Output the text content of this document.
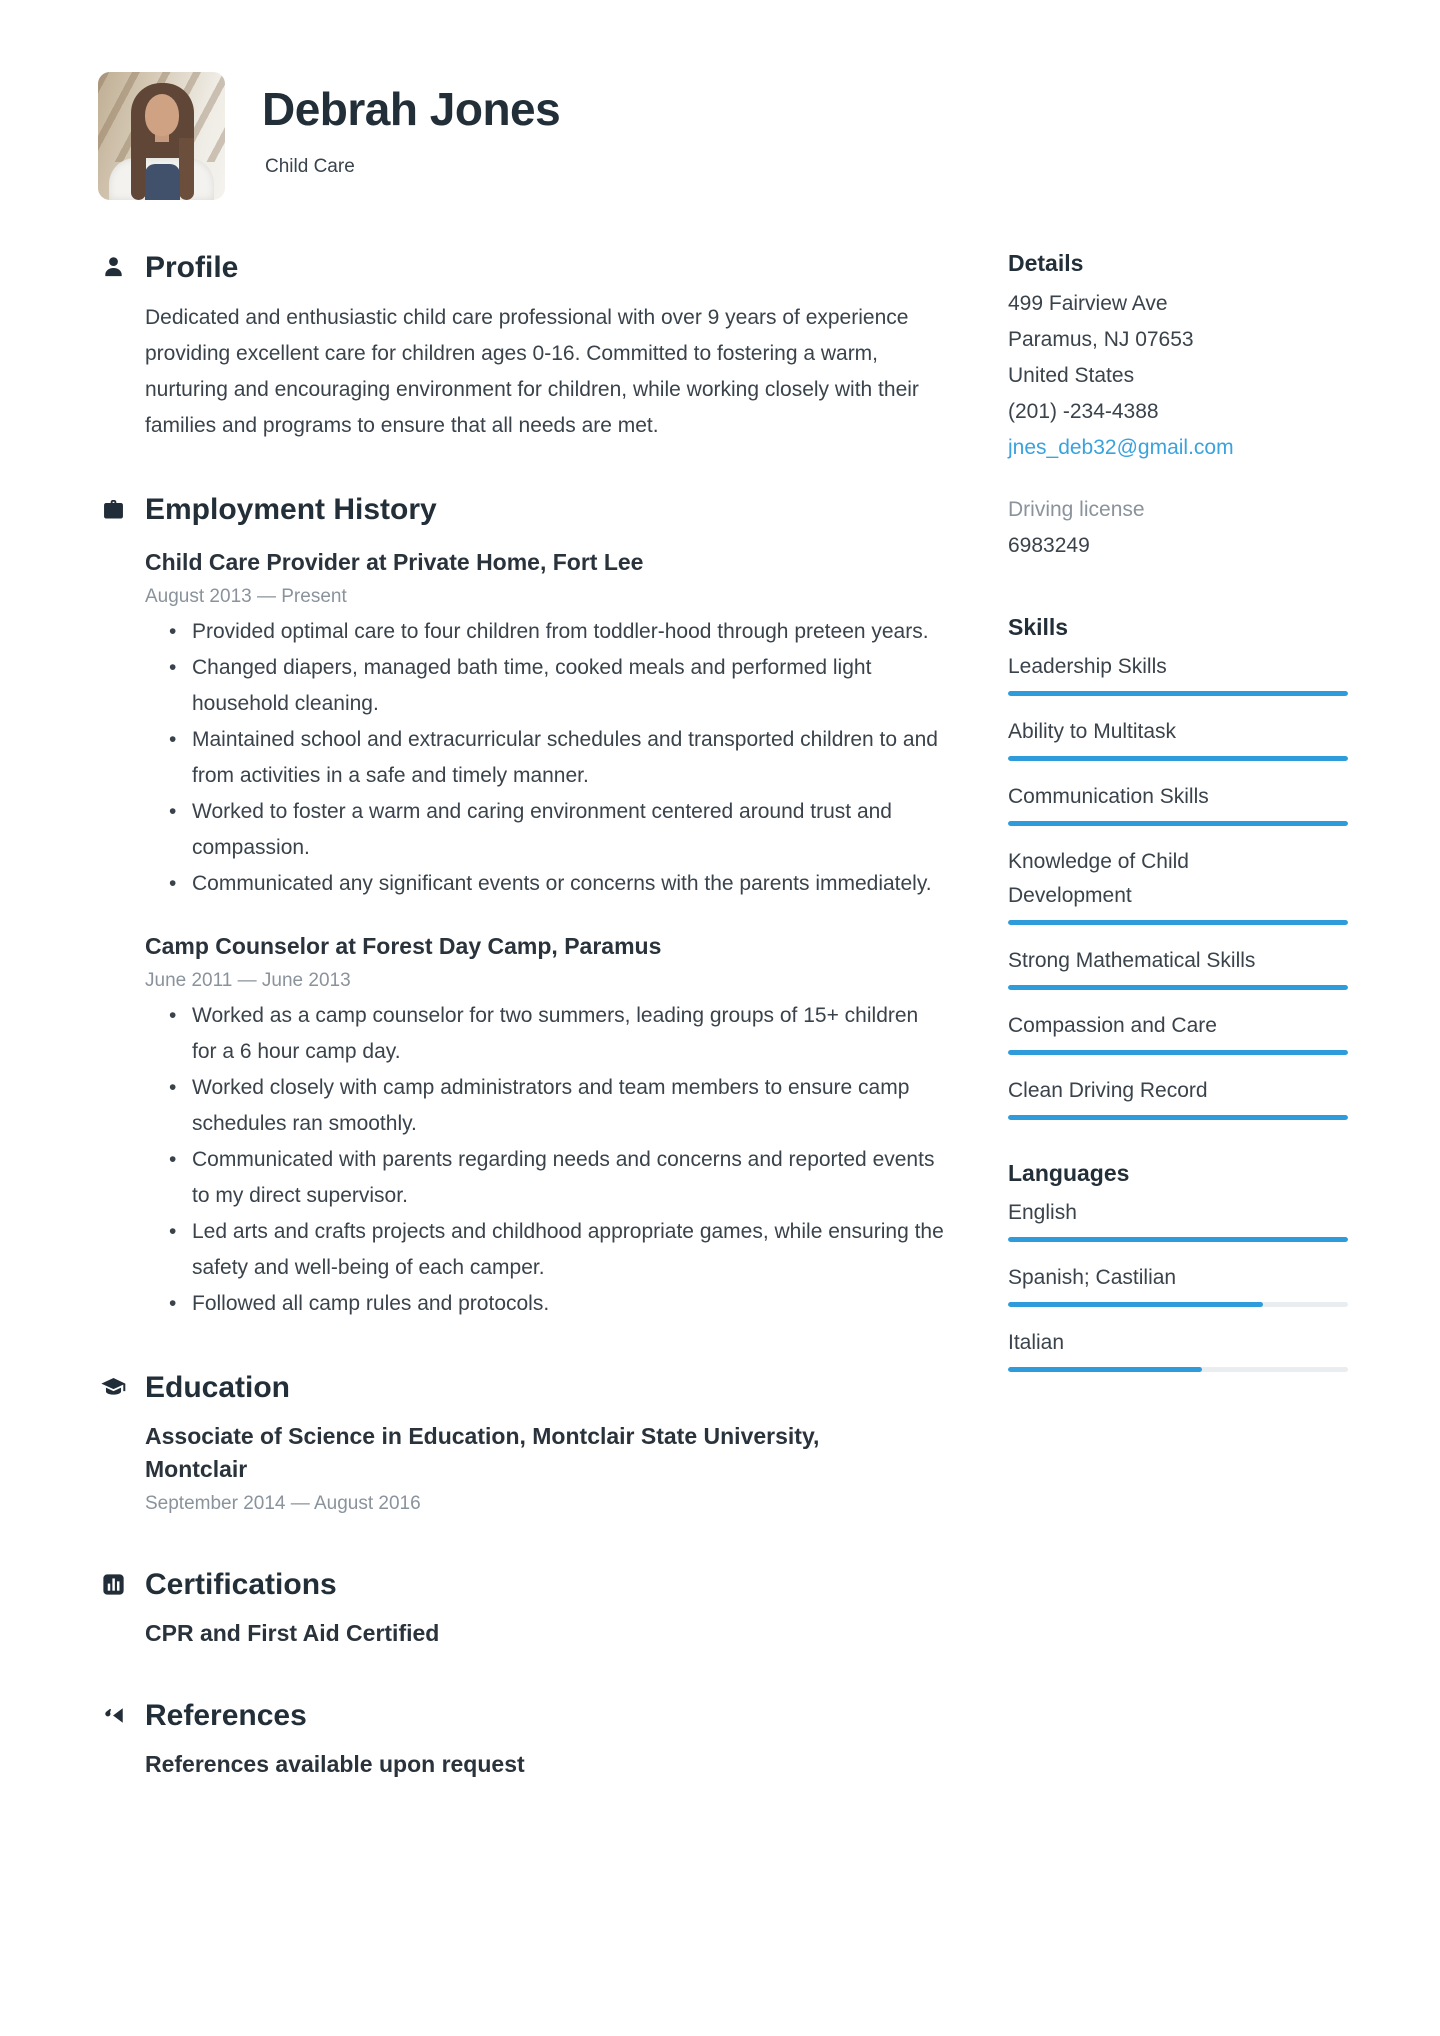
Debrah Jones
Child Care
Profile
Dedicated and enthusiastic child care professional with over 9 years of experience providing excellent care for children ages 0-16. Committed to fostering a warm, nurturing and encouraging environment for children, while working closely with their families and programs to ensure that all needs are met.
Employment History
Child Care Provider at Private Home, Fort Lee
August 2013 — Present
• Provided optimal care to four children from toddler-hood through preteen years.
• Changed diapers, managed bath time, cooked meals and performed light household cleaning.
• Maintained school and extracurricular schedules and transported children to and from activities in a safe and timely manner.
• Worked to foster a warm and caring environment centered around trust and compassion.
• Communicated any significant events or concerns with the parents immediately.
Camp Counselor at Forest Day Camp, Paramus
June 2011 — June 2013
• Worked as a camp counselor for two summers, leading groups of 15+ children for a 6 hour camp day.
• Worked closely with camp administrators and team members to ensure camp schedules ran smoothly.
• Communicated with parents regarding needs and concerns and reported events to my direct supervisor.
• Led arts and crafts projects and childhood appropriate games, while ensuring the safety and well-being of each camper.
• Followed all camp rules and protocols.
Education
Associate of Science in Education, Montclair State University, Montclair
September 2014 — August 2016
Certifications
CPR and First Aid Certified
References
References available upon request
Details
499 Fairview Ave
Paramus, NJ 07653
United States
(201) -234-4388
jnes_deb32@gmail.com
Driving license
6983249
Skills
Leadership Skills
Ability to Multitask
Communication Skills
Knowledge of Child Development
Strong Mathematical Skills
Compassion and Care
Clean Driving Record
Languages
English
Spanish; Castilian
Italian
